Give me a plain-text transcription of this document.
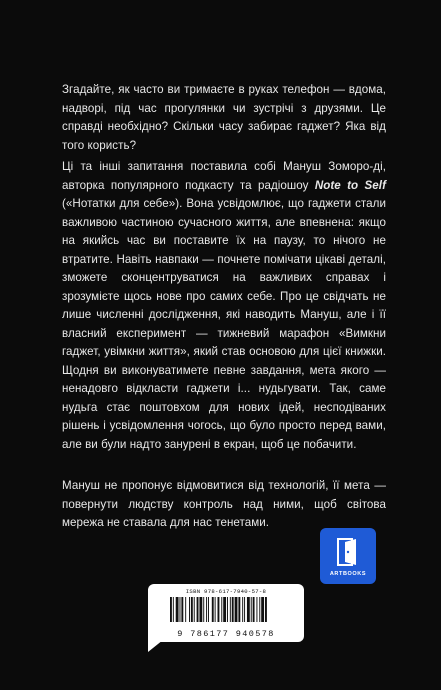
Згадайте, як часто ви тримаєте в руках телефон — вдома, надворі, під час прогулянки чи зустрічі з друзями. Це справді необхідно? Скільки часу забирає гаджет? Яка від того користь?

Ці та інші запитання поставила собі Мануш Зоморо-ді, авторка популярного подкасту та радіошоу Note to Self («Нотатки для себе»). Вона усвідомлює, що гаджети стали важливою частиною сучасного життя, але впевнена: якщо на якийсь час ви поставите їх на паузу, то нічого не втратите. Навіть навпаки — почнете помічати цікаві деталі, зможете сконцентруватися на важливих справах і зрозумієте щось нове про самих себе. Про це свідчать не лише численні дослідження, які наводить Мануш, але і її власний експеримент — тижневий марафон «Вимкни гаджет, увімкни життя», який став основою для цієї книжки. Щодня ви виконуватимете певне завдання, мета якого — ненадовго відкласти гаджети і... нудьгувати. Так, саме нудьга стає поштовхом для нових ідей, несподіваних рішень і усвідомлення чогось, що було просто перед вами, але ви були надто занурені в екран, щоб це побачити.

Мануш не пропонує відмовитися від технологій, її мета — повернути людству контроль над ними, щоб світова мережа не ставала для нас тенетами.

ARTBOOKS
ISBN 978-617-7940-57-8
9 786177 940578
